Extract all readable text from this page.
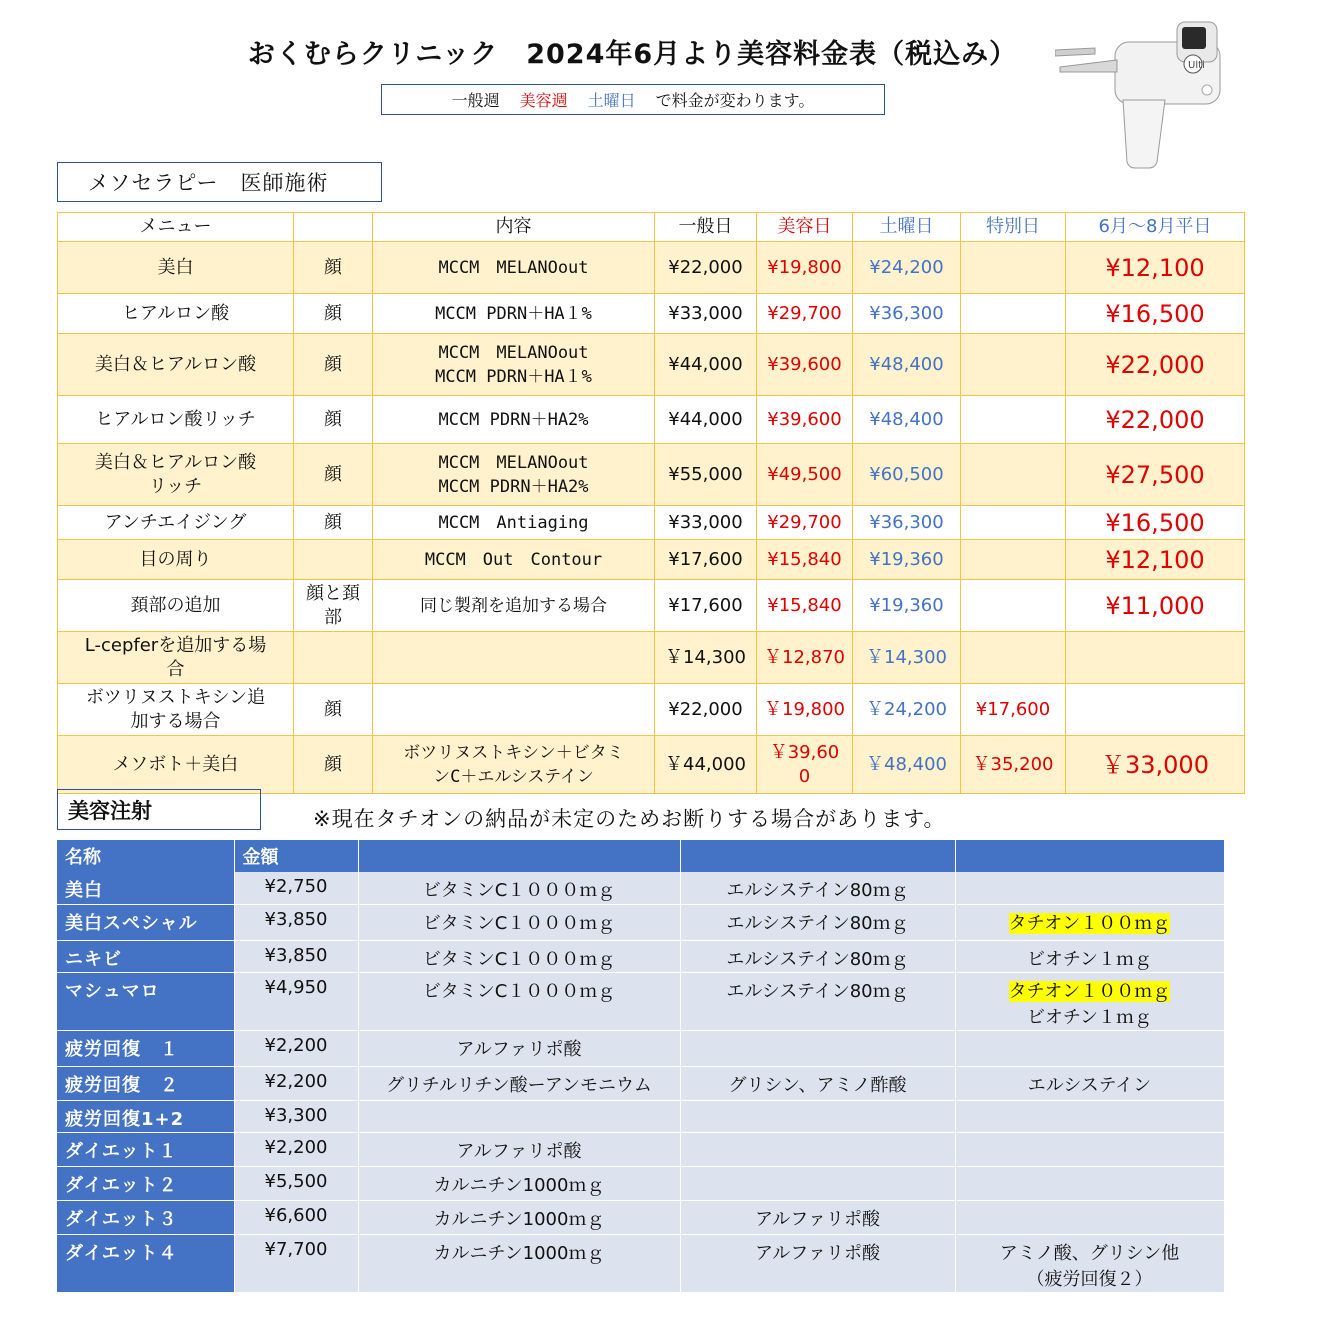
おくむらクリニック　2024年6月より美容料金表（税込み）
一般週 美容週 土曜日 で料金が変わります。
Ulti
メソセラピー　医師施術
メニュー		内容	一般日	美容日	土曜日	特別日	6月～8月平日
美白	顔	MCCM　MELANOout	¥22,000	¥19,800	¥24,200		¥12,100
ヒアルロン酸	顔	MCCM PDRN＋HA１%	¥33,000	¥29,700	¥36,300		¥16,500
美白＆ヒアルロン酸	顔	MCCM　MELANOout
MCCM PDRN＋HA１%	¥44,000	¥39,600	¥48,400		¥22,000
ヒアルロン酸リッチ	顔	MCCM PDRN＋HA2%	¥44,000	¥39,600	¥48,400		¥22,000
美白＆ヒアルロン酸
リッチ	顔	MCCM　MELANOout
MCCM PDRN＋HA2%	¥55,000	¥49,500	¥60,500		¥27,500
アンチエイジング	顔	MCCM　Antiaging	¥33,000	¥29,700	¥36,300		¥16,500
目の周り		MCCM　Out　Contour	¥17,600	¥15,840	¥19,360		¥12,100
頚部の追加	顔と頚
部	同じ製剤を追加する場合	¥17,600	¥15,840	¥19,360		¥11,000
L-cepferを追加する場
合			￥14,300	￥12,870	￥14,300		
ボツリヌストキシン追
加する場合	顔		¥22,000	￥19,800	￥24,200	¥17,600	
メソボト＋美白	顔	ボツリヌストキシン＋ビタミ
ンC＋エルシステイン	￥44,000	￥39,60
0	￥48,400	￥35,200	￥33,000
美容注射	※現在タチオンの納品が未定のためお断りする場合があります。
名称	金額			
美白	¥2,750	ビタミンC１０００ｍｇ	エルシステイン80ｍｇ	
美白スペシャル	¥3,850	ビタミンC１０００ｍｇ	エルシステイン80ｍｇ	タチオン１００ｍｇ
ニキビ	¥3,850	ビタミンC１０００ｍｇ	エルシステイン80ｍｇ	ビオチン１ｍｇ
マシュマロ	¥4,950	ビタミンC１０００ｍｇ	エルシステイン80ｍｇ	タチオン１００ｍｇ
ビオチン１ｍｇ
疲労回復　１	¥2,200	アルファリポ酸		
疲労回復　２	¥2,200	グリチルリチン酸ーアンモニウム	グリシン、アミノ酢酸	エルシステイン
疲労回復1+2	¥3,300			
ダイエット１	¥2,200	アルファリポ酸		
ダイエット２	¥5,500	カルニチン1000ｍｇ		
ダイエット３	¥6,600	カルニチン1000ｍｇ	アルファリポ酸	
ダイエット４	¥7,700	カルニチン1000ｍｇ	アルファリポ酸	アミノ酸、グリシン他
（疲労回復２）
